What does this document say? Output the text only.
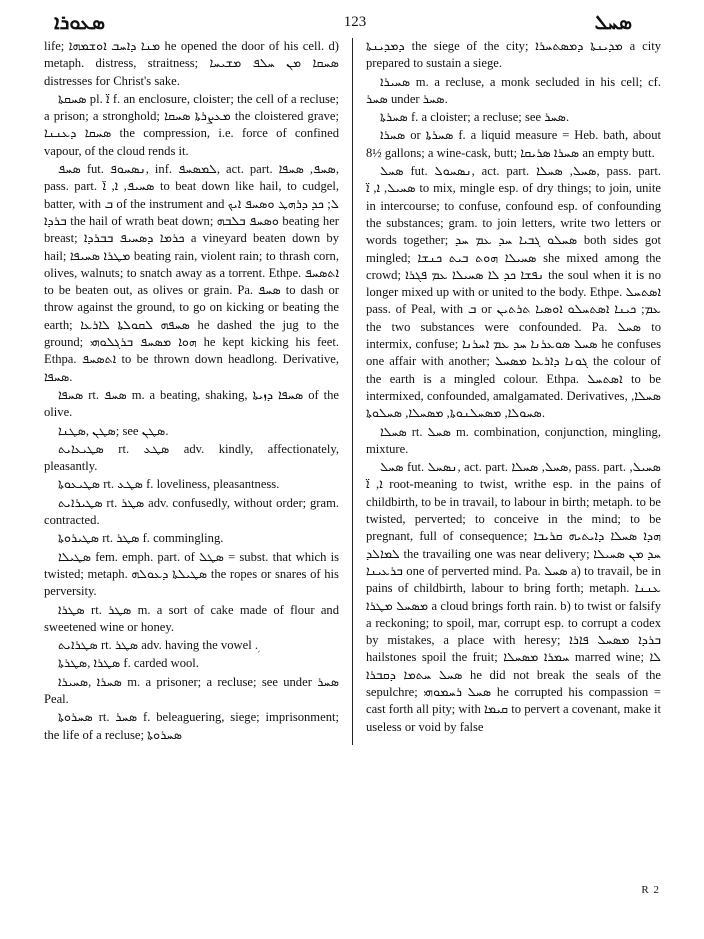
ܣܥܘܪܐ	123	ܣܚܠ

life; ܡܢܐ ܕܐܚܒ ܐܘܫܡܗܐ he opened the door of his cell. d) metaph. distress, straitness; ܣܚܩܐ ܡܢ ܚܠܦ ܡܫܝܚܐ distresses for Christ's sake.

ܣܚܩܬܐ pl. ܐ̈ f. an enclosure, cloister; the cell of a recluse; a prison; a stronghold; ܡܥܨܪܬܐ ܣܚܩܐ the cloistered grave; ܣܚܩܐ ܕܥܢܢܐ the compression, i.e. force of confined vapour, of the cloud rends it.

ܣܚܦ fut. ܢܣܚܘܦ, inf. ܠܡܣܚܦ, act. part. ܣܚܦ, ܣܚܦܐ, pass. part. ܣܚܝܦ, ܐ, ܐ̈ to beat down like hail, to cudgel, batter, with ܒ of the instrument and ܠ; ܟܕ ܕܪܗܛ ܘܣܚܦ ܐܝܟ ܒܪܕܐ the hail of wrath beat down; ܘܣܚܦ ܒܠܒܗ beating her breast; ܟܪܡܐ ܕܣܚܝܦ ܒܒܪܕܐ a vineyard beaten down by hail; ܡܛܪܐ ܣܚܝܦܐ beating rain, violent rain; to thrash corn, olives, walnuts; to snatch away as a torrent. Ethpe. ܐܬܣܚܦ to be beaten out, as olives or grain. Pa. ܣܚܦ to dash or throw against the ground, to go on kicking or beating the earth; ܣܚܦܗ ܠܩܘܠܬܐ ܠܐܪܥܐ he dashed the jug to the ground; ܗܘܐ ܡܣܚܦ ܒܪܓܠܘܗܝ he kept kicking his feet. Ethpa. ܐܬܣܚܦ to be thrown down headlong. Derivative, ܣܚܦܐ.

ܣܚܦܐ rt. ܣܚܦ m. a beating, shaking, ܣܚܦܐ ܕܙܝܬܐ of the olive.

ܣܛܢ ,ܣܛܢܐ; see ܣܛܢ.

ܣܛܝܥܐܝܬ rt. ܣܛܥ adv. kindly, affectionately, pleasantly.

ܣܛܝܥܘܬܐ rt. ܣܛܥ f. loveliness, pleasantness.

ܣܛܝܪܐܝܬ rt. ܣܛܪ adv. confusedly, without order; gram. contracted.

ܣܛܝܪܘܬܐ rt. ܣܛܪ f. commingling.

ܣܛܝܠܐ fem. emph. part. of ܣܛܠ = subst. that which is twisted; metaph. ܣܛܝܠܬܐ ܕܥܘܠܗ the ropes or snares of his perversity.

ܣܛܪܐ rt. ܣܛܪ m. a sort of cake made of flour and sweetened wine or honey.

ܣܛܪܐܝܬ rt. ܣܛܪ adv. having the vowel ܼ.

ܣܛܪܐ ,ܣܛܪܬܐ f. carded wool.

ܣܚܪܐ ,ܣܚܝܪܐ m. a prisoner; a recluse; see under ܣܚܪ Peal.

ܣܚܪܘܬܐ rt. ܣܚܪ f. beleaguering, siege; imprisonment; the life of a recluse; ܣܚܪܘܬܐ

ܕܡܕܝܢܬܐ the siege of the city; ܡܕܝܢܬܐ ܕܡܣܬܚܪܐ a city prepared to sustain a siege.

ܣܚܝܪܐ m. a recluse, a monk secluded in his cell; cf. ܣܚܪ under ܣܚܪ.

ܣܚܪܬܐ f. a cloister; a recluse; see ܣܚܪ.

ܣܚܪܐ or ܣܚܪܬܐ f. a liquid measure = Heb. bath, about 8½ gallons; a wine-cask, butt; ܣܚܪܐ ܣܪܝܩܐ an empty butt.

ܣܚܠ fut. ܢܣܚܘܠ, act. part. ܣܚܠ, ܣܚܠܐ, pass. part. ܣܚܝܠ, ܐ, ܐ̈ to mix, mingle esp. of dry things; to join, unite in intercourse; to confuse, confound esp. of confounding the substances; gram. to join letters, write two letters or words together; ܣܚܠܘ ܓܒܝܐ ܚܕ ܥܡ ܚܕ both sides got mingled; ܣܚܝܠܐ ܗܘܬ ܒܝܬ ܟܢܫܐ she mixed among the crowd; ܢܦܫܐ ܟܕ ܠܐ ܣܚܝܠܐ ܥܡ ܦܓܪܐ the soul when it is no longer mixed up with or united to the body. Ethpe. ܐܣܬܚܠ pass. of Peal, with ܒ or ܥܡ; ܟܝܢܐ ܐܣܬܚܠܘ ܐܘܣܝܐ ܬܪܬܝܢ the two substances were confounded. Pa. ܣܚܠ to intermix, confuse; ܣܚܠ ܣܘܥܪܢܐ ܚܕ ܥܡ ܐܚܪܢܐ he confuses one affair with another; ܓܘܢܐ ܕܐܪܥܐ ܡܣܚܠ the colour of the earth is a mingled colour. Ethpa. ܐܣܬܚܠ to be intermixed, confounded, amalgamated. Derivatives, ܣܚܠܐ, ܣܚܘܠܐ, ܡܣܚܠܢܘܬܐ, ܡܣܚܠܐ, ܣܚܠܘܬܐ.

ܣܚܠܐ rt. ܣܚܠ m. combination, conjunction, mingling, mixture.

ܣܚܠ fut. ܢܣܚܠ, act. part. ܣܚܠ, ܣܚܠܐ, pass. part. ܣܚܝܠ, ܐ, ܐ̈ root-meaning to twist, writhe esp. in the pains of childbirth, to be in travail, to labour in birth; metaph. to be twisted, perverted; to conceive in the mind; to be pregnant, full of consequence; ܗܕܐ ܣܚܠܐ ܕܐܝܬܝܗ ܩܪܝܒܐ ܠܡܐܠܕ the travailing one was near delivery; ܚܕ ܡܢ ܣܚܝܠܐ ܒܪܥܝܢܐ one of perverted mind. Pa. ܣܚܠ a) to travail, be in pains of childbirth, labour to bring forth; metaph. ܥܢܢܐ ܡܣܚܠ ܡܛܪܐ a cloud brings forth rain. b) to twist or falsify a reckoning; to spoil, mar, corrupt esp. to corrupt a codex by mistakes, a place with heresy; ܒܪܕܐ ܡܣܚܠ ܦܐܪܐ hailstones spoil the fruit; ܚܡܪܐ ܡܣܚܠܐ marred wine; ܠܐ ܣܚܠ ܚܬܡܐ ܕܩܒܪܐ he did not break the seals of the sepulchre; ܣܚܠ ܪܚܡܘܗܝ he corrupted his compassion = cast forth all pity; with ܩܝܡܐ to pervert a covenant, make it useless or void by false

R 2
